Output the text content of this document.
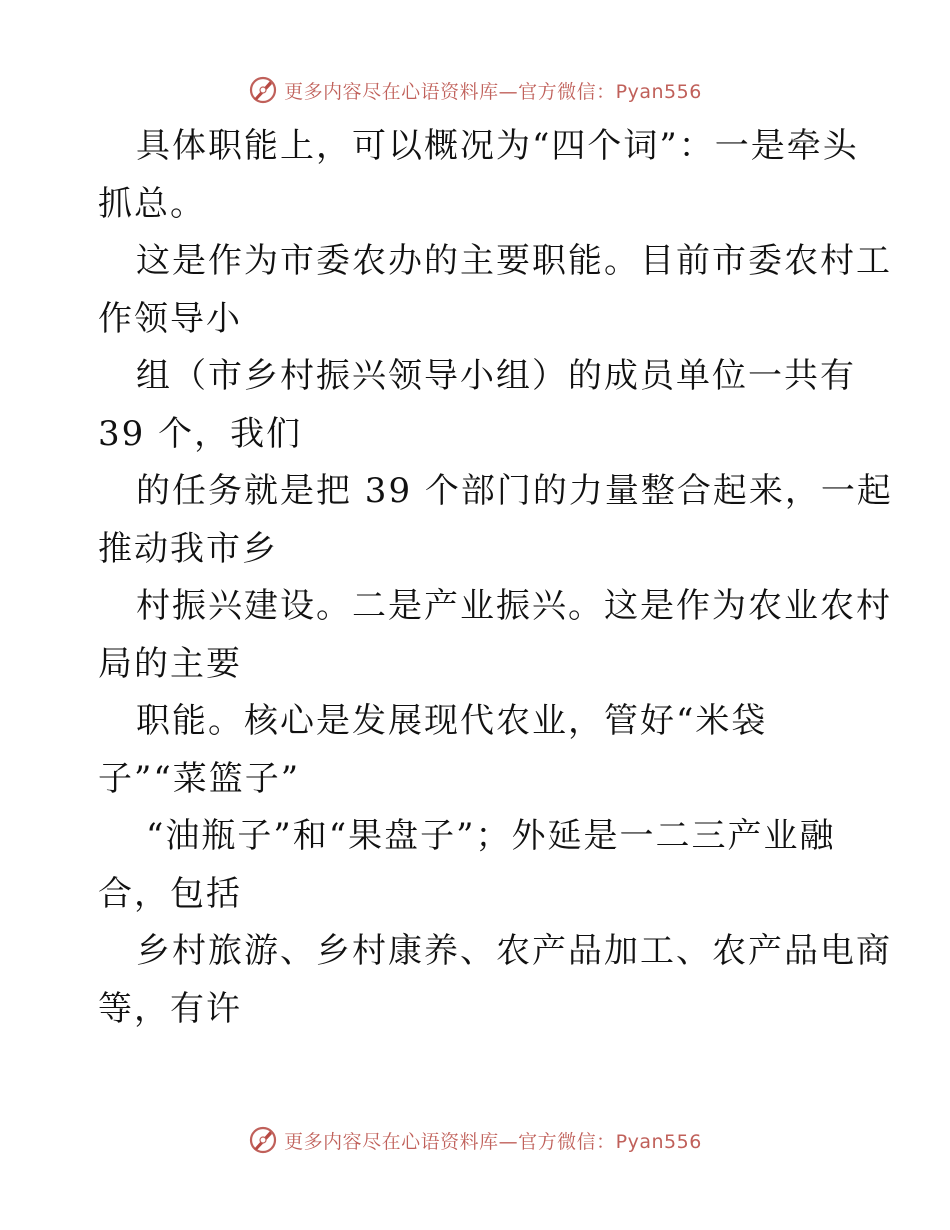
更多内容尽在心语资料库—官方微信：Pyan556
具体职能上，可以概况为“四个词”：一是牵头
抓总。
这是作为市委农办的主要职能。目前市委农村工
作领导小
组（市乡村振兴领导小组）的成员单位一共有
39 个，我们
的任务就是把 39 个部门的力量整合起来，一起
推动我市乡
村振兴建设。二是产业振兴。这是作为农业农村
局的主要
职能。核心是发展现代农业，管好“米袋
子”“菜篮子”
“油瓶子”和“果盘子”；外延是一二三产业融
合，包括
乡村旅游、乡村康养、农产品加工、农产品电商
等，有许
更多内容尽在心语资料库—官方微信：Pyan556
